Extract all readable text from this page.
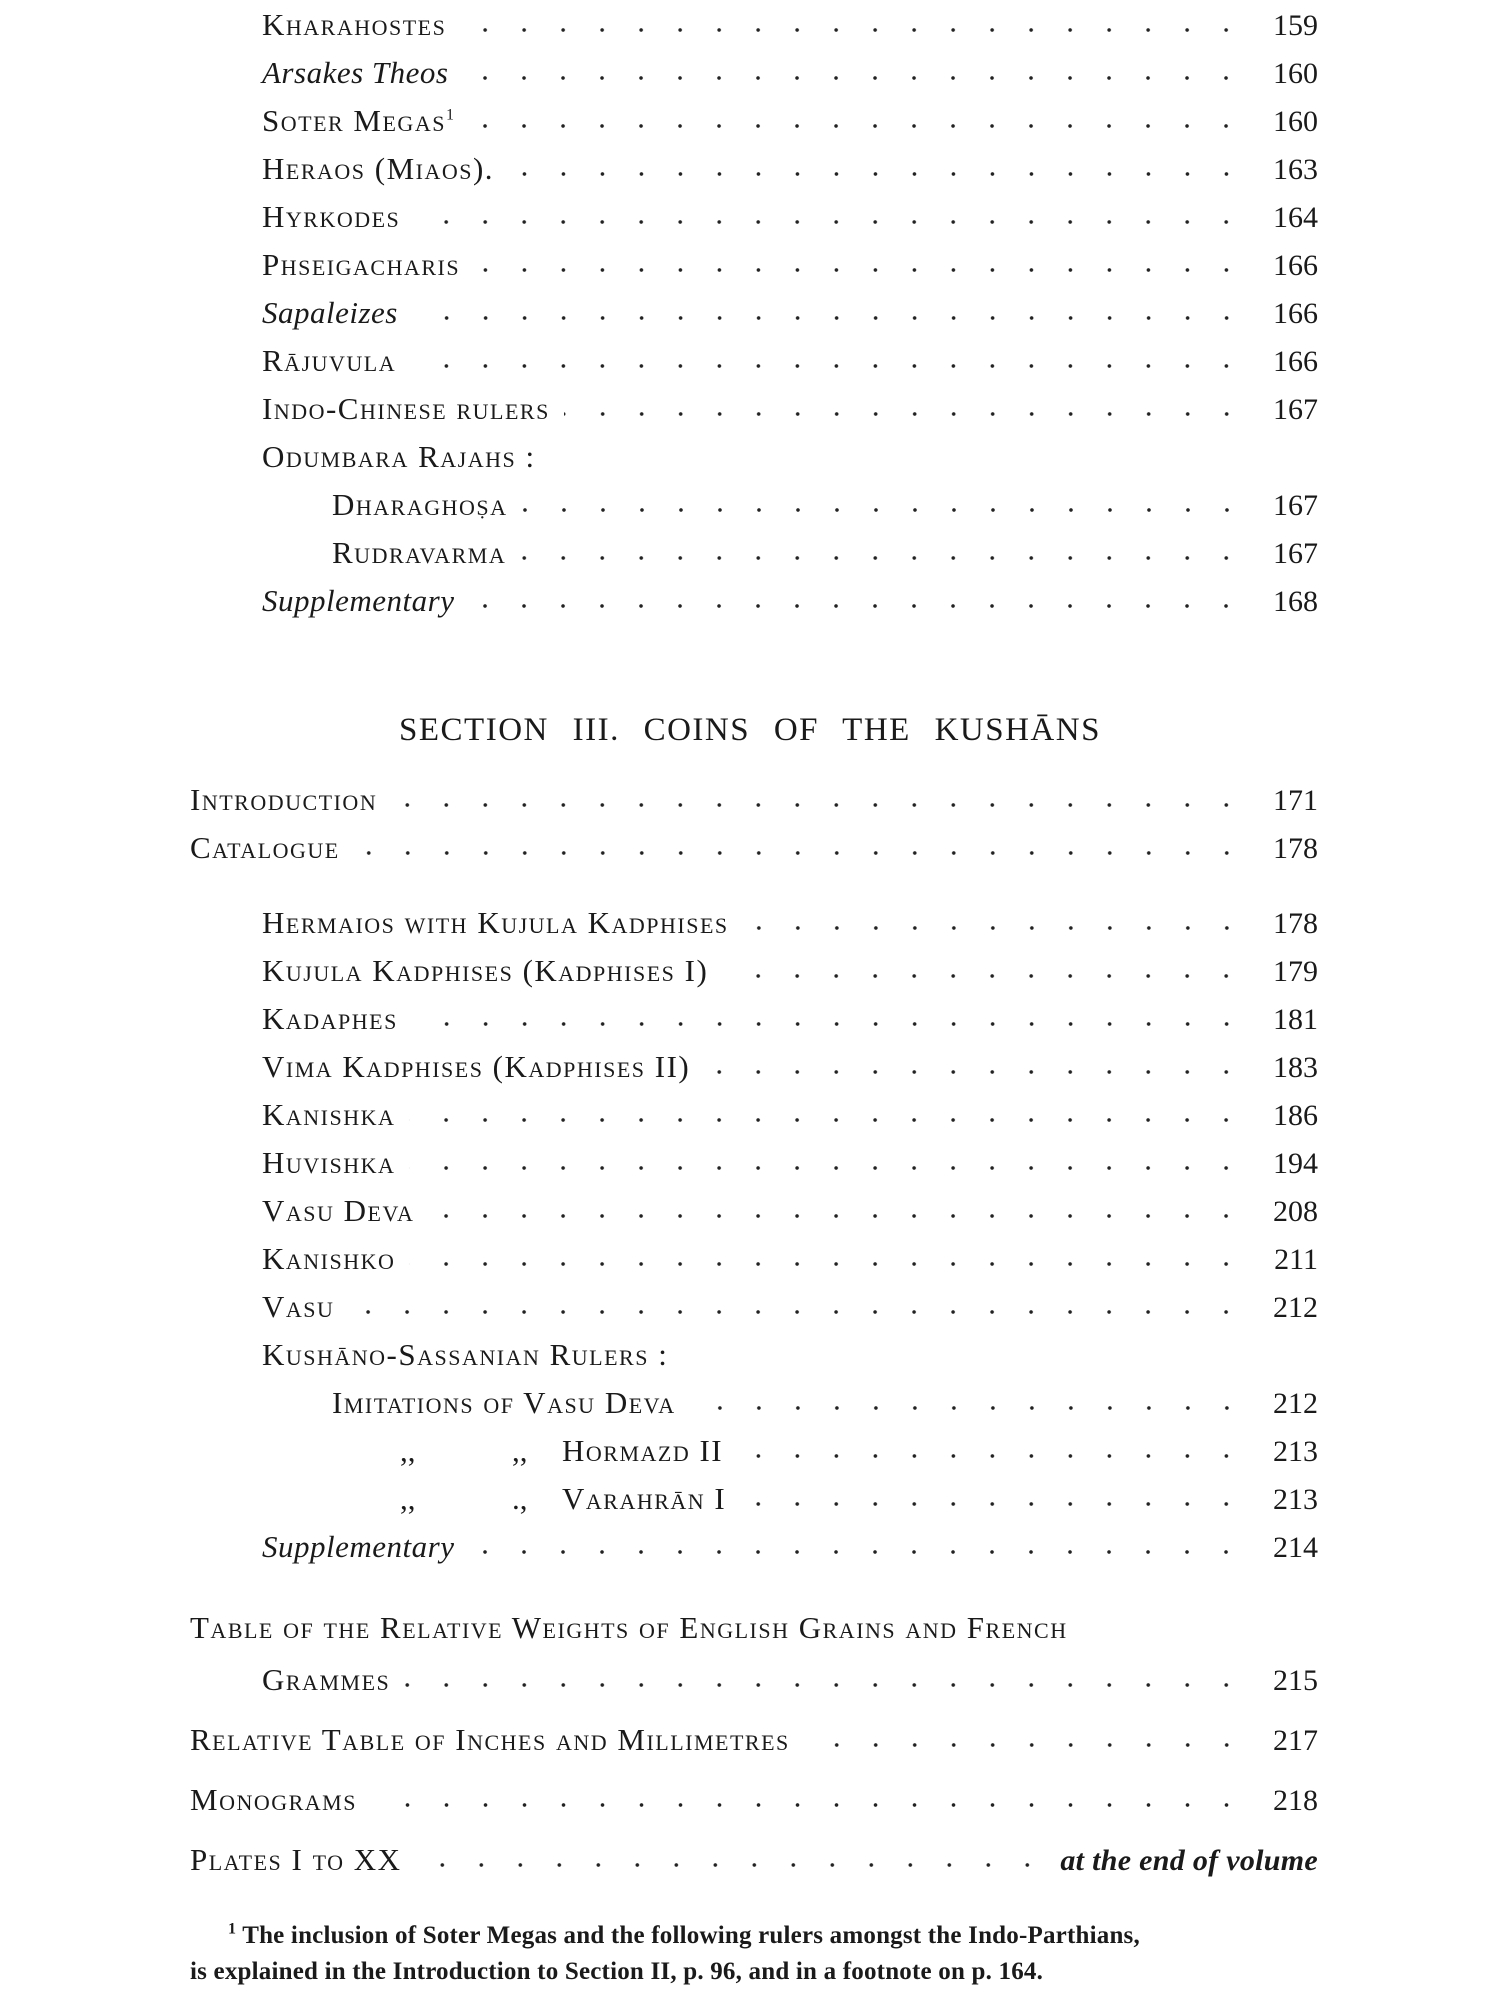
Kharahostes	159
Arsakes Theos	160
Soter Megas$^1$	160
Heraos (Miaos).	163
Hyrkodes	164
Phseigacharis	166
Sapaleizes	166
Rājuvula	166
Indo-Chinese rulers	167
Odumbara Rajahs :
Dharaghoṣa	167
Rudravarma	167
Supplementary	168
SECTION III. COINS OF THE KUSHĀNS
Introduction	171
Catalogue	178
Hermaios with Kujula Kadphises	178
Kujula Kadphises (Kadphises I)	179
Kadaphes	181
Vima Kadphises (Kadphises II)	183
Kanishka	186
Huvishka	194
Vasu Deva	208
Kanishko	211
Vasu	212
Kushāno-Sassanian Rulers :
Imitations of Vasu Deva	212
,,	,, Hormazd II	213
,,	., Varahrān I	213
Supplementary	214
Table of the Relative Weights of English Grains and French
Grammes	215
Relative Table of Inches and Millimetres	217
Monograms	218
Plates I to XX	at the end of volume

$^1$ The inclusion of Soter Megas and the following rulers amongst the Indo-Parthians,

is explained in the Introduction to Section II, p. 96, and in a footnote on p. 164.
